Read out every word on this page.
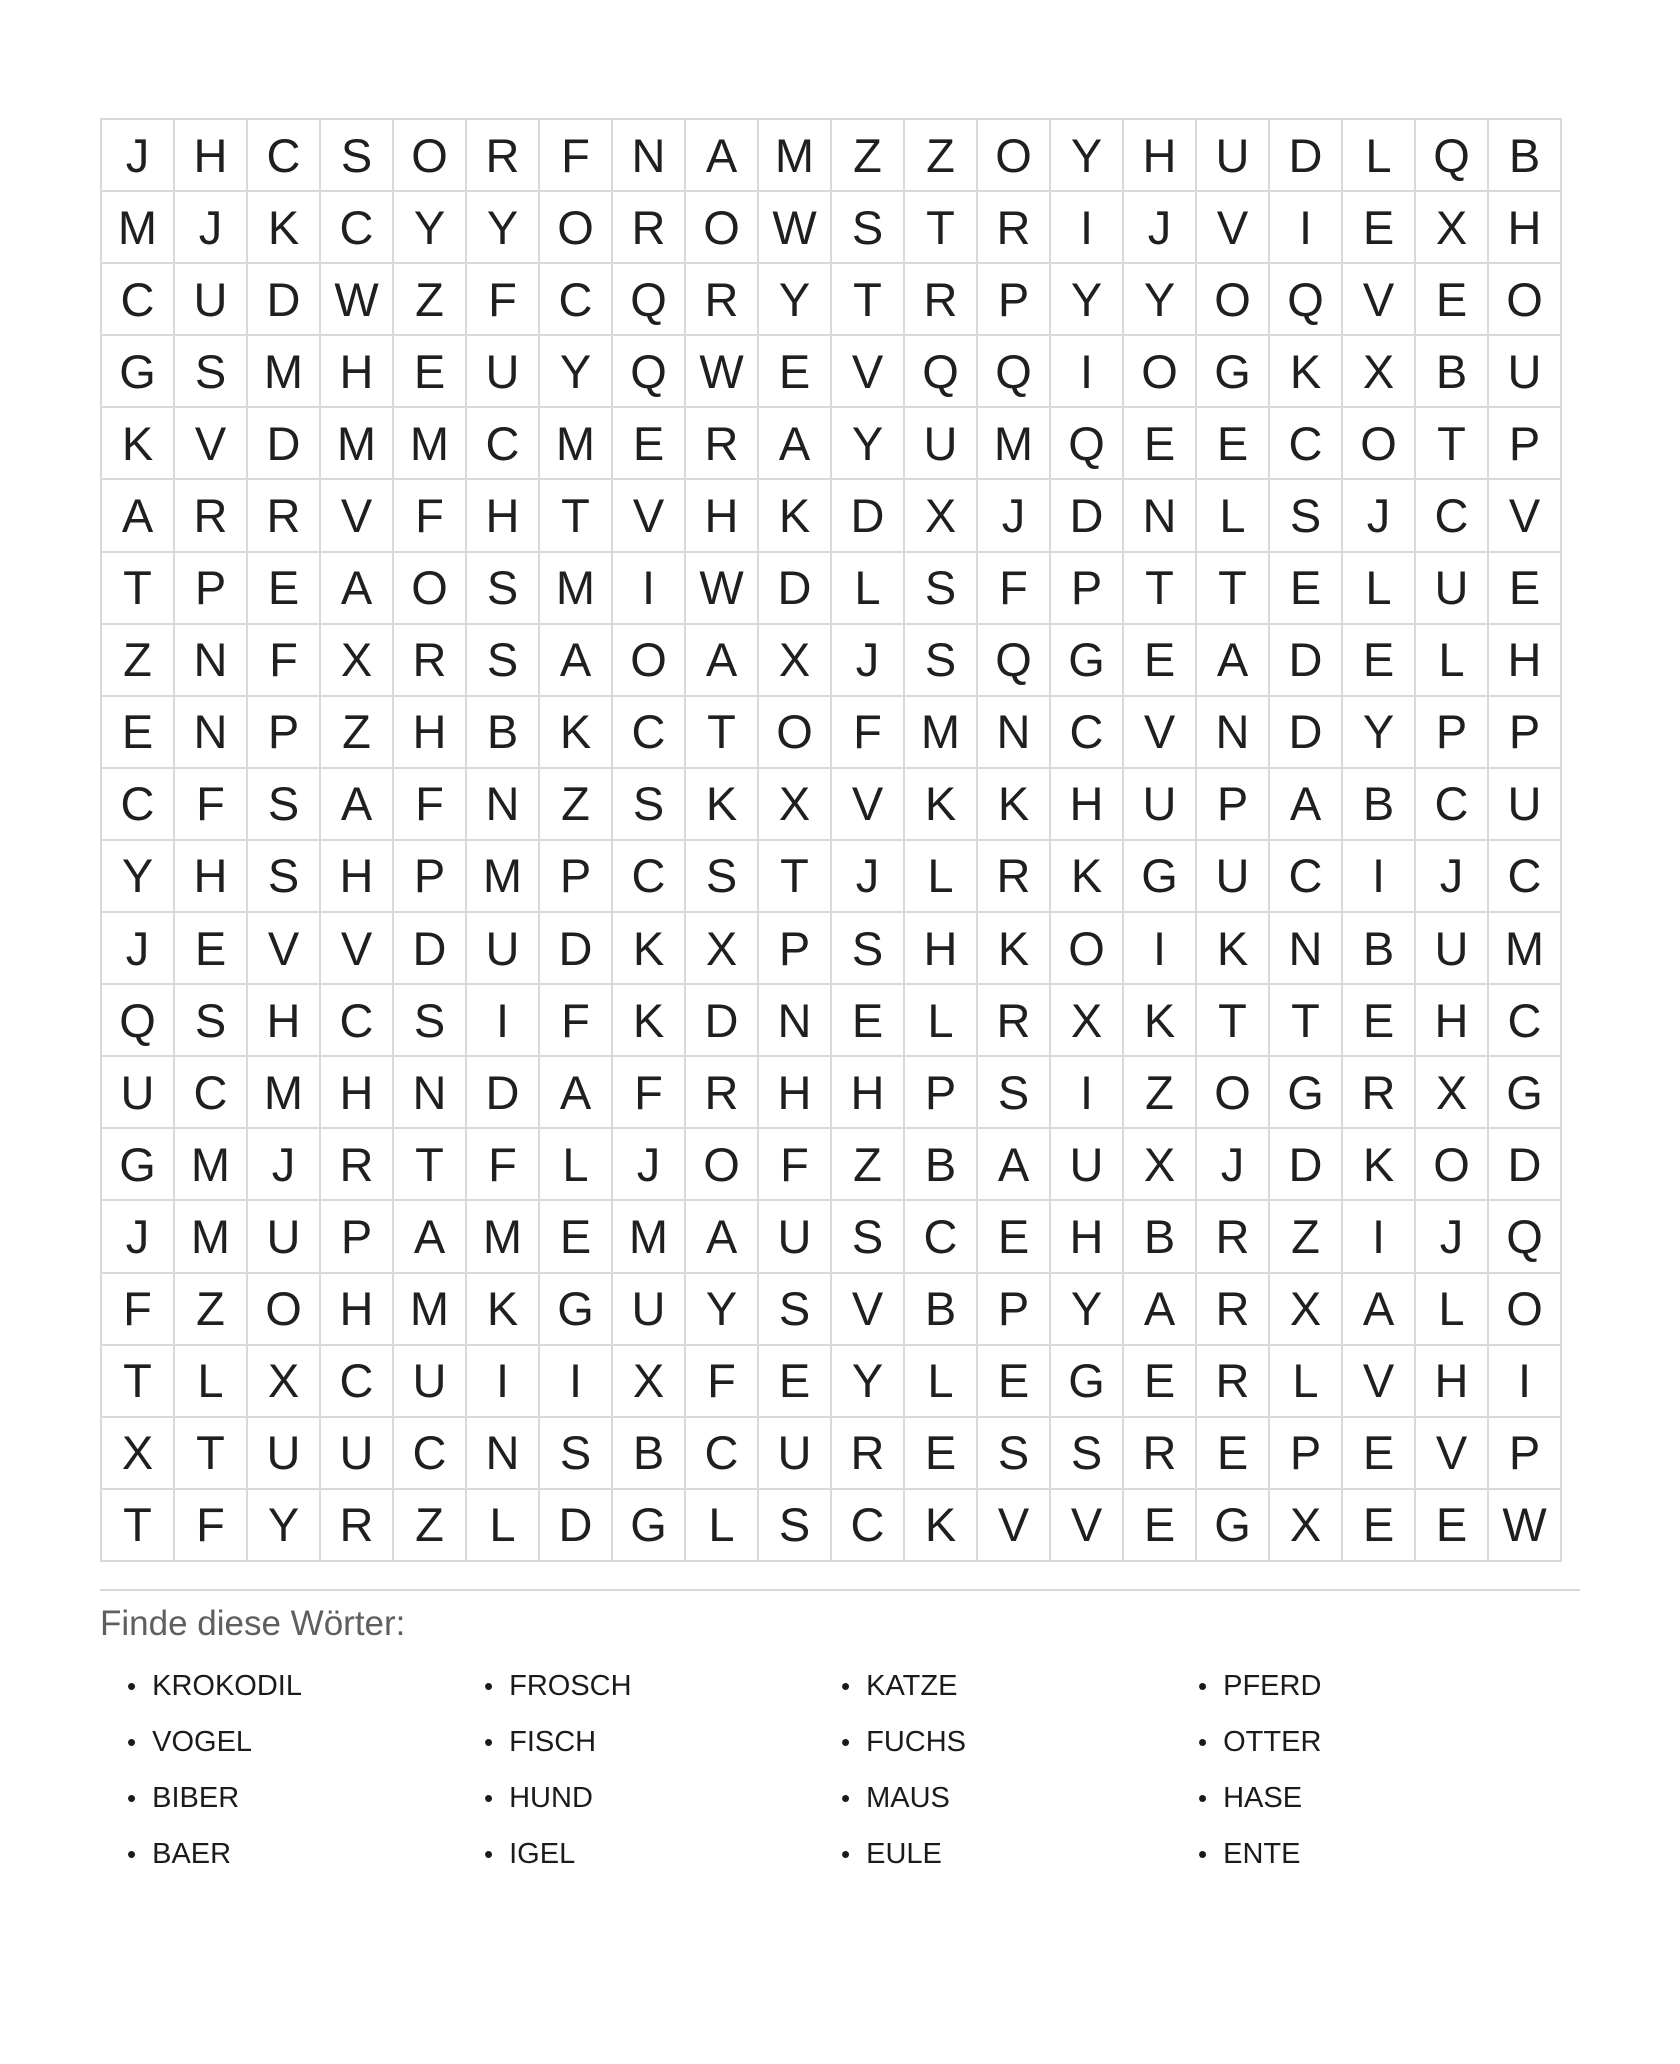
J	H	C	S	O	R	F	N	A	M	Z	Z	O	Y	H	U	D	L	Q	B
M	J	K	C	Y	Y	O	R	O	W	S	T	R	I	J	V	I	E	X	H
C	U	D	W	Z	F	C	Q	R	Y	T	R	P	Y	Y	O	Q	V	E	O
G	S	M	H	E	U	Y	Q	W	E	V	Q	Q	I	O	G	K	X	B	U
K	V	D	M	M	C	M	E	R	A	Y	U	M	Q	E	E	C	O	T	P
A	R	R	V	F	H	T	V	H	K	D	X	J	D	N	L	S	J	C	V
T	P	E	A	O	S	M	I	W	D	L	S	F	P	T	T	E	L	U	E
Z	N	F	X	R	S	A	O	A	X	J	S	Q	G	E	A	D	E	L	H
E	N	P	Z	H	B	K	C	T	O	F	M	N	C	V	N	D	Y	P	P
C	F	S	A	F	N	Z	S	K	X	V	K	K	H	U	P	A	B	C	U
Y	H	S	H	P	M	P	C	S	T	J	L	R	K	G	U	C	I	J	C
J	E	V	V	D	U	D	K	X	P	S	H	K	O	I	K	N	B	U	M
Q	S	H	C	S	I	F	K	D	N	E	L	R	X	K	T	T	E	H	C
U	C	M	H	N	D	A	F	R	H	H	P	S	I	Z	O	G	R	X	G
G	M	J	R	T	F	L	J	O	F	Z	B	A	U	X	J	D	K	O	D
J	M	U	P	A	M	E	M	A	U	S	C	E	H	B	R	Z	I	J	Q
F	Z	O	H	M	K	G	U	Y	S	V	B	P	Y	A	R	X	A	L	O
T	L	X	C	U	I	I	X	F	E	Y	L	E	G	E	R	L	V	H	I
X	T	U	U	C	N	S	B	C	U	R	E	S	S	R	E	P	E	V	P
T	F	Y	R	Z	L	D	G	L	S	C	K	V	V	E	G	X	E	E	W
Finde diese Wörter:
• KROKODIL	• FROSCH	• KATZE	• PFERD
• VOGEL	• FISCH	• FUCHS	• OTTER
• BIBER	• HUND	• MAUS	• HASE
• BAER	• IGEL	• EULE	• ENTE
